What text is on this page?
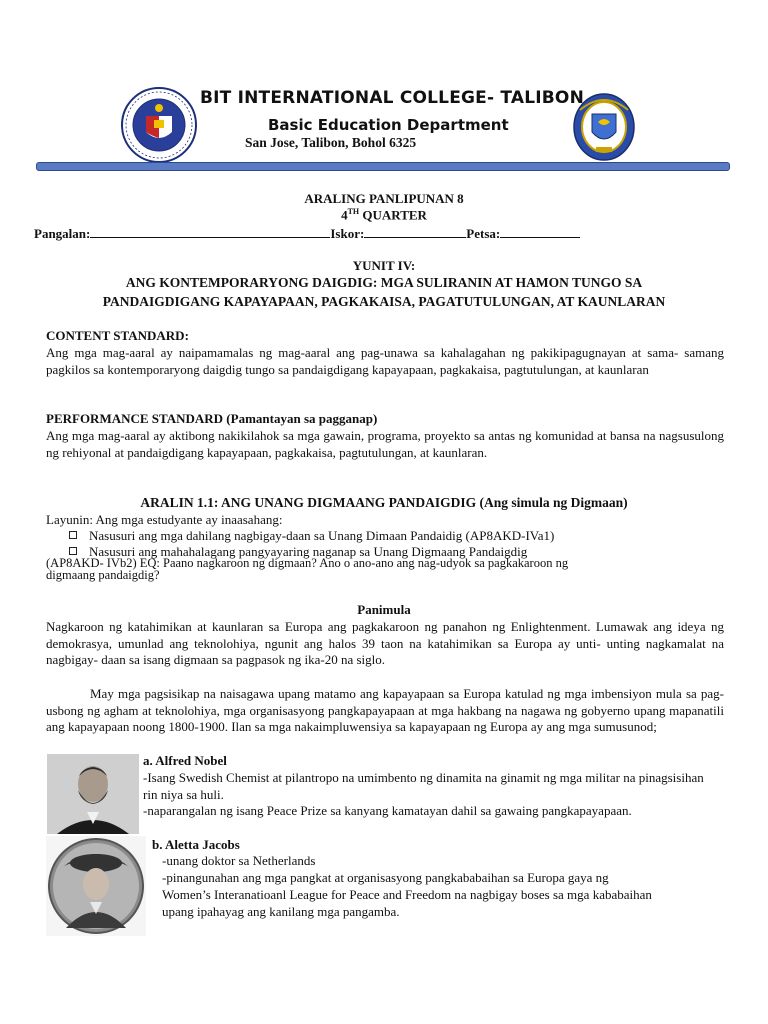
BIT INTERNATIONAL COLLEGE- TALIBON
Basic Education Department
San Jose, Talibon, Bohol 6325
ARALING PANLIPUNAN 8
4TH QUARTER
Pangalan:	Iskor:	Petsa:
YUNIT IV:
ANG KONTEMPORARYONG DAIGDIG: MGA SULIRANIN AT HAMON TUNGO SA
PANDAIGDIGANG KAPAYAPAAN, PAGKAKAISA, PAGATUTULUNGAN, AT KAUNLARAN
CONTENT STANDARD:
Ang mga mag-aaral ay naipamamalas ng mag-aaral ang pag-unawa sa kahalagahan ng pakikipagugnayan at sama- samang pagkilos sa kontemporaryong daigdig tungo sa pandaigdigang kapayapaan, pagkakaisa, pagtutulungan, at kaunlaran
PERFORMANCE STANDARD (Pamantayan sa pagganap)
Ang mga mag-aaral ay aktibong nakikilahok sa mga gawain, programa, proyekto sa antas ng komunidad at bansa na nagsusulong ng rehiyonal at pandaigdigang kapayapaan, pagkakaisa, pagtutulungan, at kaunlaran.
ARALIN 1.1: ANG UNANG DIGMAANG PANDAIGDIG (Ang simula ng Digmaan)
Layunin: Ang mga estudyante ay inaasahang:
Nasusuri ang mga dahilang nagbigay-daan sa Unang Dimaan Pandaidig (AP8AKD-IVa1)
Nasusuri ang mahahalagang pangyayaring naganap sa Unang Digmaang Pandaigdig
(AP8AKD- IVb2) EQ: Paano nagkaroon ng digmaan? Ano o ano-ano ang nag-udyok sa pagkakaroon ng
digmaang pandaigdig?
Panimula
Nagkaroon ng katahimikan at kaunlaran sa Europa ang pagkakaroon ng panahon ng Enlightenment. Lumawak ang ideya ng demokrasya, umunlad ang teknolohiya, ngunit ang halos 39 taon na katahimikan sa Europa ay unti- unting nagkamalat na nagbigay- daan sa isang digmaan sa pagpasok ng ika-20 na siglo.
May mga pagsisikap na naisagawa upang matamo ang kapayapaan sa Europa katulad ng mga imbensiyon mula sa pag-usbong ng agham at teknolohiya, mga organisasyong pangkapayapaan at mga hakbang na nagawa ng gobyerno upang mapanatili ang kapayapaan noong 1800-1900. Ilan sa mga nakaimpluwensiya sa kapayapaan ng Europa ay ang mga sumusunod;
a. Alfred Nobel
-Isang Swedish Chemist at pilantropo na umimbento ng dinamita na ginamit ng mga militar na pinagsisihan rin niya sa huli.
-naparangalan ng isang Peace Prize sa kanyang kamatayan dahil sa gawaing pangkapayapaan.
b. Aletta Jacobs
-unang doktor sa Netherlands
-pinangunahan ang mga pangkat at organisasyong pangkababaihan sa Europa gaya ng
Women’s Interanatioanl League for Peace and Freedom na nagbigay boses sa mga kababaihan
upang ipahayag ang kanilang mga pangamba.
